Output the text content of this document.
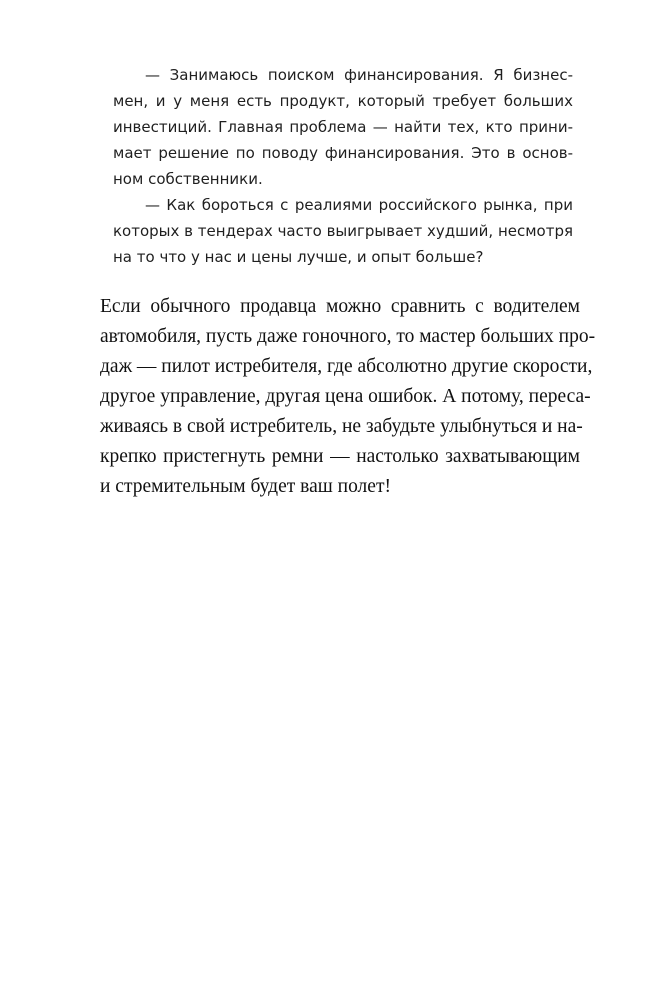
— Занимаюсь поиском финансирования. Я бизнес-
мен, и у меня есть продукт, который требует больших
инвестиций. Главная проблема — найти тех, кто прини-
мает решение по поводу финансирования. Это в основ-
ном собственники.
— Как бороться с реалиями российского рынка, при
которых в тендерах часто выигрывает худший, несмотря
на то что у нас и цены лучше, и опыт больше?
Если обычного продавца можно сравнить с водителем
автомобиля, пусть даже гоночного, то мастер больших про-
даж — пилот истребителя, где абсолютно другие скорости,
другое управление, другая цена ошибок. А потому, переса-
живаясь в свой истребитель, не забудьте улыбнуться и на-
крепко пристегнуть ремни — настолько захватывающим
и стремительным будет ваш полет!
